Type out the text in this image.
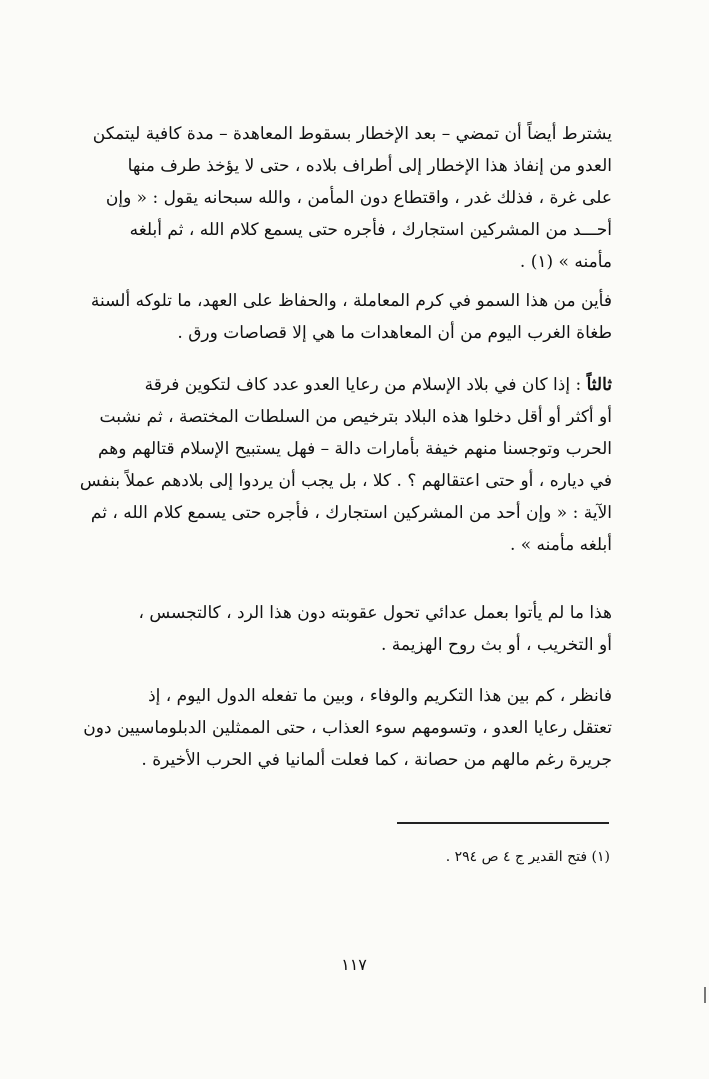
يشترط أيضاً أن تمضي – بعد الإخطار بسقوط المعاهدة – مدة كافية ليتمكن
العدو من إنفاذ هذا الإخطار إلى أطراف بلاده ، حتى لا يؤخذ طرف منها
على غرة ، فذلك غدر ، واقتطاع دون المأمن ، والله سبحانه يقول : « وإن
أحـــد من المشركين استجارك ، فأجره حتى يسمع كلام الله ، ثم أبلغه
مأمنه » (١) .
فأين من هذا السمو في كرم المعاملة ، والحفاظ على العهد، ما تلوكه ألسنة
طغاة الغرب اليوم من أن المعاهدات ما هي إلا قصاصات ورق .
ثالثاً : إذا كان في بلاد الإسلام من رعايا العدو عدد كاف لتكوين فرقة
أو أكثر أو أقل دخلوا هذه البلاد بترخيص من السلطات المختصة ، ثم نشبت
الحرب وتوجسنا منهم خيفة بأمارات دالة – فهل يستبيح الإسلام قتالهم وهم
في دياره ، أو حتى اعتقالهم ؟ . كلا ، بل يجب أن يردوا إلى بلادهم عملاً بنفس
الآية : « وإن أحد من المشركين استجارك ، فأجره حتى يسمع كلام الله ، ثم
أبلغه مأمنه » .
هذا ما لم يأتوا بعمل عدائي تحول عقوبته دون هذا الرد ، كالتجسس ،
أو التخريب ، أو بث روح الهزيمة .
فانظر ، كم بين هذا التكريم والوفاء ، وبين ما تفعله الدول اليوم ، إذ
تعتقل رعايا العدو ، وتسومهم سوء العذاب ، حتى الممثلين الدبلوماسيين دون
جريرة رغم مالهم من حصانة ، كما فعلت ألمانيا في الحرب الأخيرة .
(١) فتح القدير ج ٤ ص ٢٩٤ .
١١٧
